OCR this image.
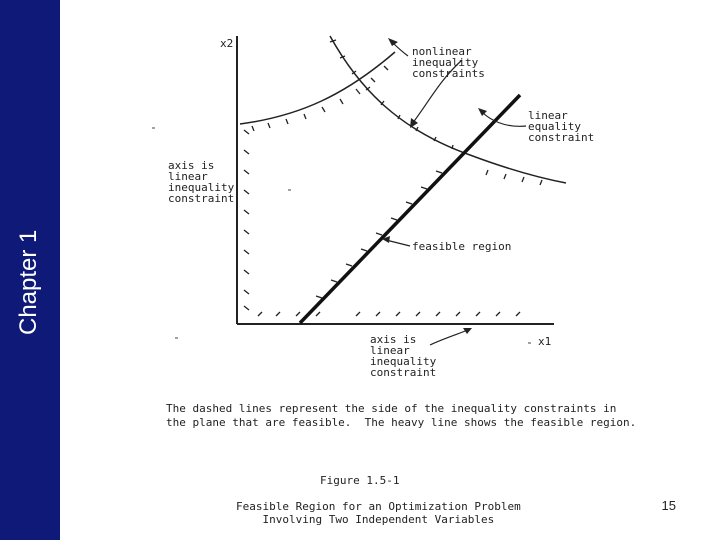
Chapter 1
x2
x1
nonlinear
inequality
constraints
linear
equality
constraint
axis is
linear
inequality
constraint
feasible region
axis is
linear
inequality
constraint
The dashed lines represent the side of the inequality constraints in
the plane that are feasible.  The heavy line shows the feasible region.
Figure 1.5-1
Feasible Region for an Optimization Problem
Involving Two Independent Variables
15
